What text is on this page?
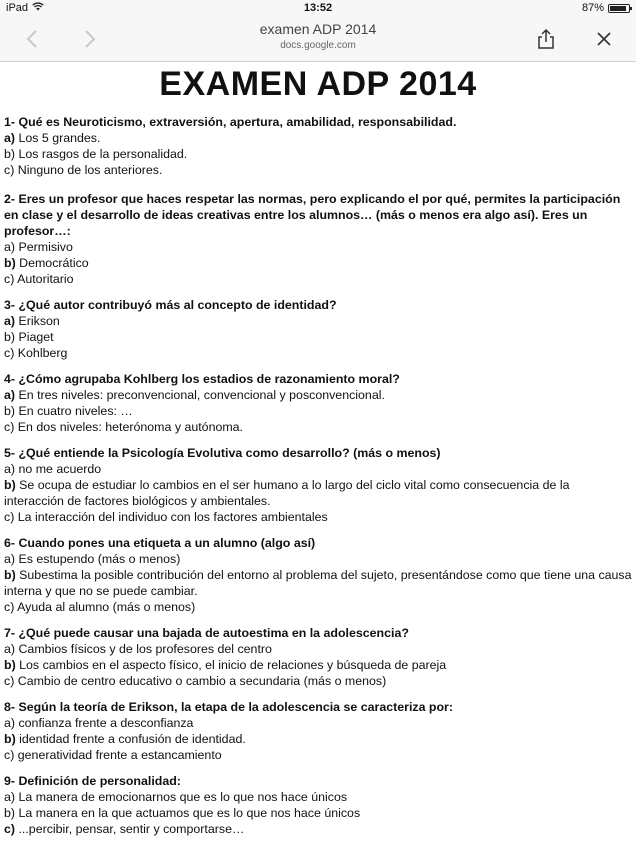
iPad	13:52	87%
examen ADP 2014
docs.google.com
EXAMEN ADP 2014
1- Qué es Neuroticismo, extraversión, apertura, amabilidad, responsabilidad.
a) Los 5 grandes.
b) Los rasgos de la personalidad.
c) Ninguno de los anteriores.
2- Eres un profesor que haces respetar las normas, pero explicando el por qué, permites la participación en clase y el desarrollo de ideas creativas entre los alumnos… (más o menos era algo así). Eres un profesor…:
a) Permisivo
b) Democrático
c) Autoritario
3- ¿Qué autor contribuyó más al concepto de identidad?
a) Erikson
b) Piaget
c) Kohlberg
4- ¿Cómo agrupaba Kohlberg los estadios de razonamiento moral?
a) En tres niveles: preconvencional, convencional y posconvencional.
b) En cuatro niveles: …
c) En dos niveles: heterónoma y autónoma.
5- ¿Qué entiende la Psicología Evolutiva como desarrollo? (más o menos)
a) no me acuerdo
b) Se ocupa de estudiar lo cambios en el ser humano a lo largo del ciclo vital como consecuencia de la interacción de factores biológicos y ambientales.
c) La interacción del individuo con los factores ambientales
6- Cuando pones una etiqueta a un alumno (algo así)
a) Es estupendo (más o menos)
b) Subestima la posible contribución del entorno al problema del sujeto, presentándose como que tiene una causa interna y que no se puede cambiar.
c) Ayuda al alumno (más o menos)
7- ¿Qué puede causar una bajada de autoestima en la adolescencia?
a) Cambios físicos y de los profesores del centro
b) Los cambios en el aspecto físico, el inicio de relaciones y búsqueda de pareja
c) Cambio de centro educativo o cambio a secundaria (más o menos)
8- Según la teoría de Erikson, la etapa de la adolescencia se caracteriza por:
a) confianza frente a desconfianza
b) identidad frente a confusión de identidad.
c) generatividad frente a estancamiento
9- Definición de personalidad:
a) La manera de emocionarnos que es lo que nos hace únicos
b) La manera en la que actuamos que es lo que nos hace únicos
c) ...percibir, pensar, sentir y comportarse…
